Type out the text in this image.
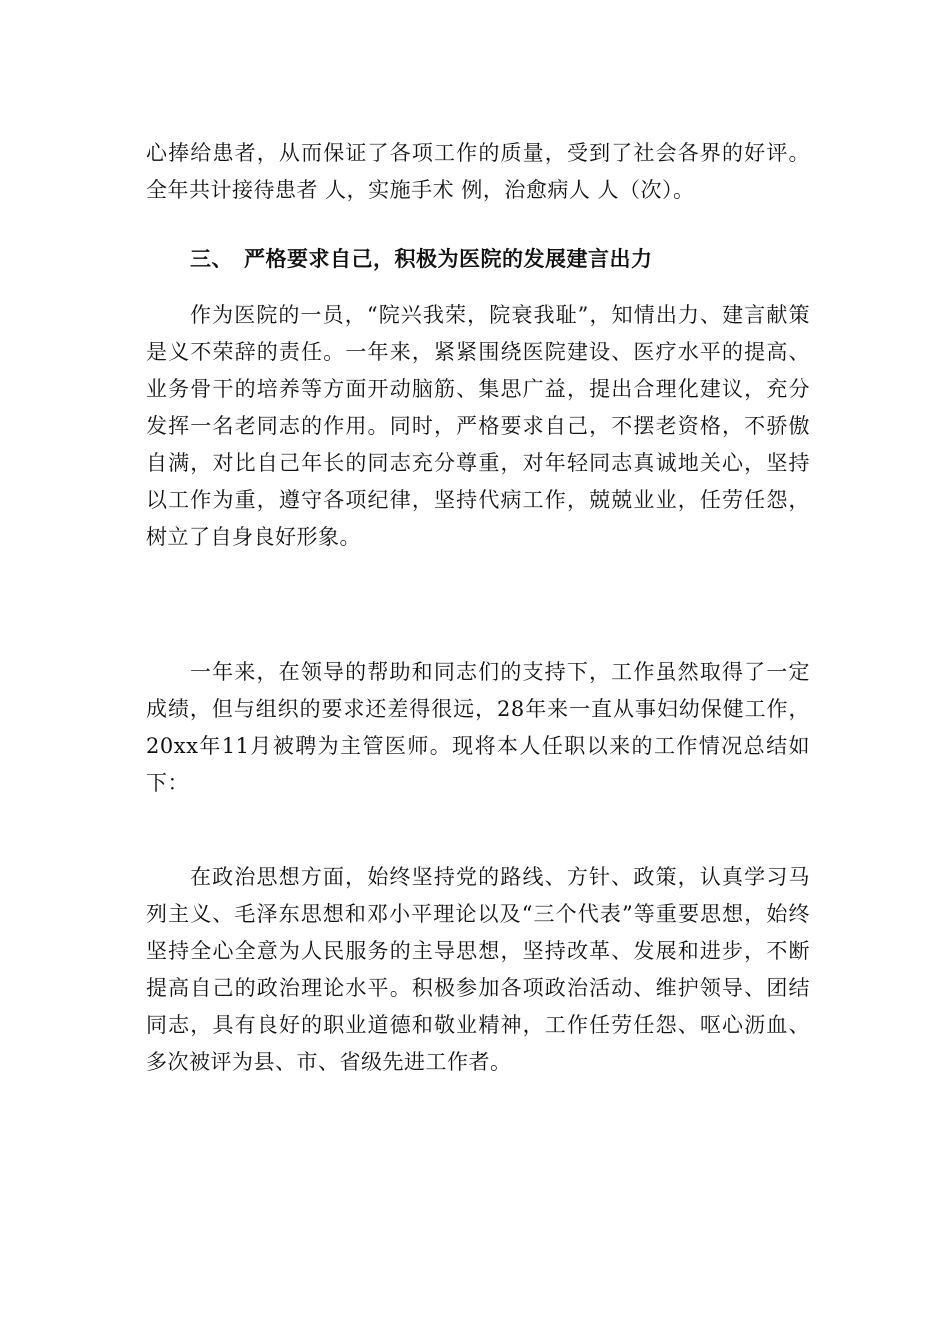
心捧给患者，从而保证了各项工作的质量，受到了社会各界的好评。全年共计接待患者 人，实施手术 例，治愈病人 人（次）。

三、　严格要求自己，积极为医院的发展建言出力

作为医院的一员，“院兴我荣，院衰我耻”，知情出力、建言献策是义不荣辞的责任。一年来，紧紧围绕医院建设、医疗水平的提高、业务骨干的培养等方面开动脑筋、集思广益，提出合理化建议，充分发挥一名老同志的作用。同时，严格要求自己，不摆老资格，不骄傲自满，对比自己年长的同志充分尊重，对年轻同志真诚地关心，坚持以工作为重，遵守各项纪律，坚持代病工作，兢兢业业，任劳任怨，树立了自身良好形象。

一年来，在领导的帮助和同志们的支持下，工作虽然取得了一定成绩，但与组织的要求还差得很远，28年来一直从事妇幼保健工作，20xx年11月被聘为主管医师。现将本人任职以来的工作情况总结如下：

在政治思想方面，始终坚持党的路线、方针、政策，认真学习马列主义、毛泽东思想和邓小平理论以及“三个代表”等重要思想，始终坚持全心全意为人民服务的主导思想，坚持改革、发展和进步，不断提高自己的政治理论水平。积极参加各项政治活动、维护领导、团结同志，具有良好的职业道德和敬业精神，工作任劳任怨、呕心沥血、多次被评为县、市、省级先进工作者。
